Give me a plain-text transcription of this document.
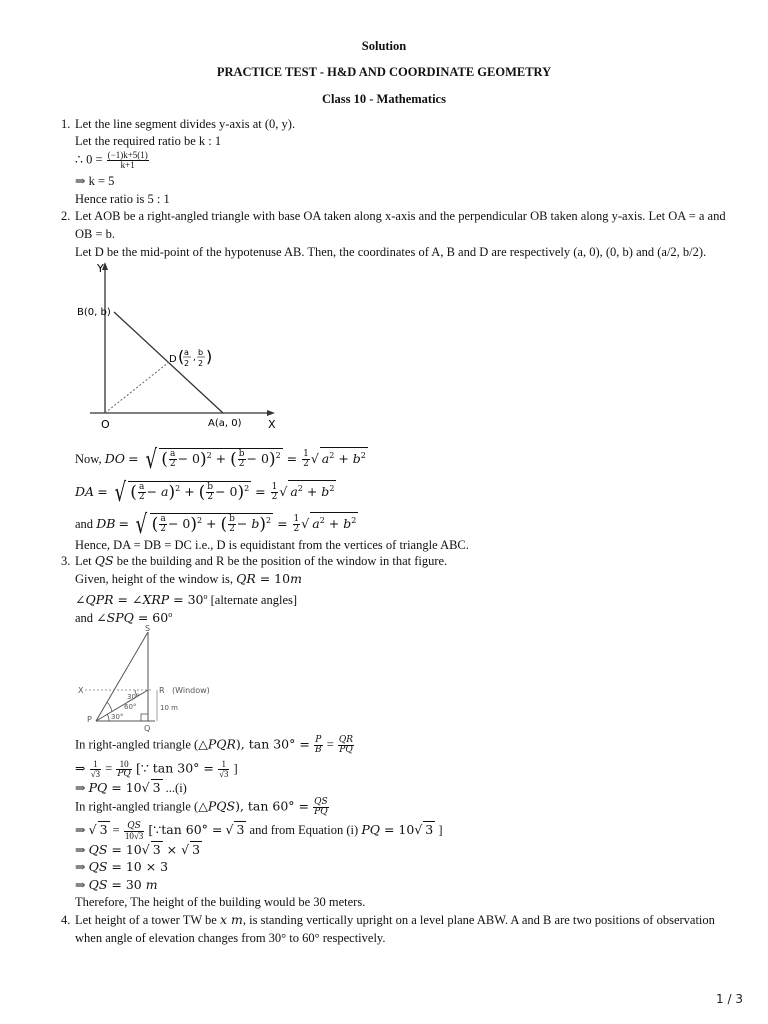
Solution
PRACTICE TEST - H&D AND COORDINATE GEOMETRY
Class 10 - Mathematics
1. Let the line segment divides y-axis at (0, y).
Let the required ratio be k : 1
∴ $0 = \frac{(-1)k+5(1)}{k+1}$
⇒ k = 5
Hence ratio is 5 : 1
2. Let AOB be a right-angled triangle with base OA taken along x-axis and the perpendicular OB taken along y-axis. Let OA = a and
OB = b.
Let D be the mid-point of the hypotenuse AB. Then, the coordinates of A, B and D are respectively (a, 0), (0, b) and (a/2, b/2).
Y
X
O
B(0, b)
A(a, 0)
D ( a
2
,
b
2 )
Now, DO = √ ( $\frac{a}{2} - 0)^2$ + ( $\frac{b}{2} - 0)^2 = \frac{1}{2}$ √ $a^2 + b^2$
DA = √ ( $\frac{a}{2} - a)^2$ + ( $\frac{b}{2} - 0)^2 = \frac{1}{2}$ √ $a^2 + b^2$
and DB = √ ( $\frac{a}{2} - 0)^2$ + ( $\frac{b}{2} - b)^2 = \frac{1}{2}$ √ $a^2 + b^2$
Hence, DA = DB = DC i.e., D is equidistant from the vertices of triangle ABC.
3. Let QS be the building and R be the position of the window in that figure.
Given, height of the window is, QR = 10m
∠QPR = ∠XRP = $30^o$ [alternate angles]
and ∠SPQ = $60^o$
S
X	R (Window)
P
Q
30°
60°
30°
10 m
In right-angled triangle (△PQR), $\tan 30^\circ = \frac{P}{B} = \frac{QR}{PQ}$
⇒ $\frac{1}{√3} = \frac{10}{PQ}$ [∵ $\tan 30^\circ = \frac{1}{√3}$ ]
⇒ PQ = 10√ 3 ...(i)
In right-angled triangle (△PQS), $\tan 60^\circ = \frac{QS}{PQ}$
⇒ √ $3 = \frac{QS}{10√3}$ [∵tan 60° = √ 3 and from Equation (i) PQ = 10√ 3 ]
⇒ QS = 10√ 3 × √ 3
⇒ QS = 10 × 3
⇒ QS = 30 m
Therefore, The height of the building would be 30 meters.
4. Let height of a tower TW be x m, is standing vertically upright on a level plane ABW. A and B are two positions of observation
when angle of elevation changes from 30° to 60° respectively.
1 / 3
